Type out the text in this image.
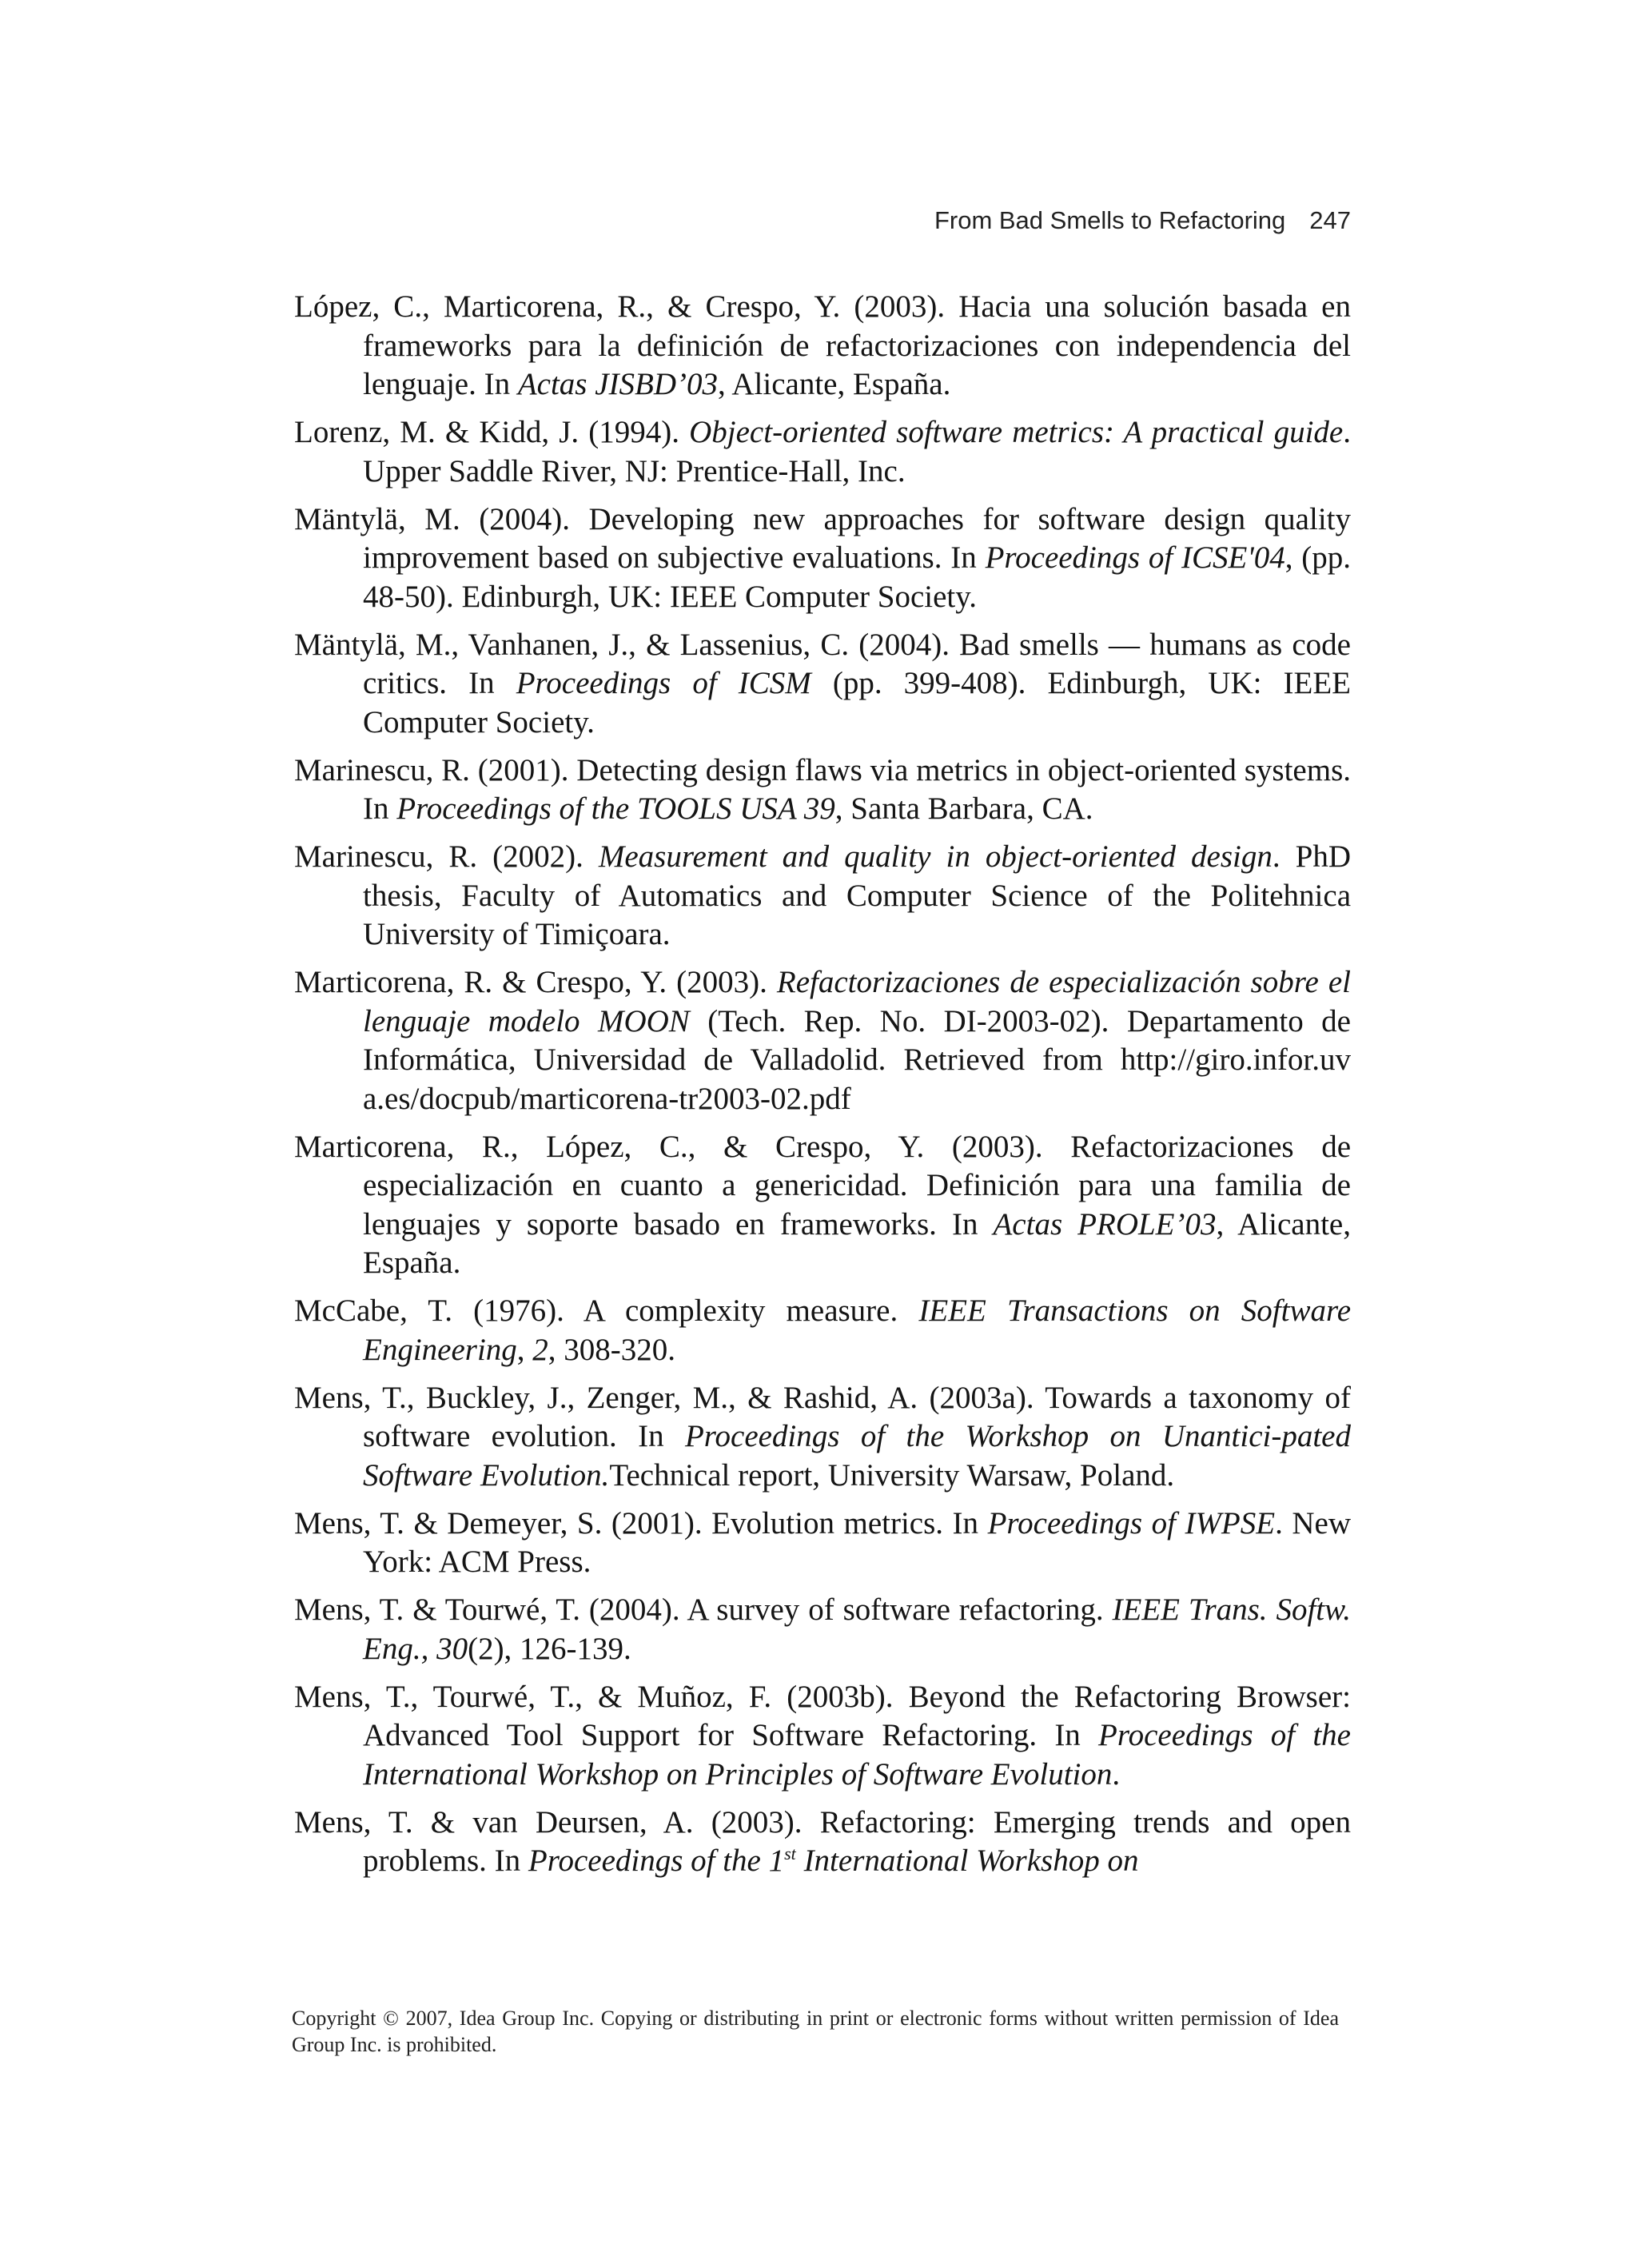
From Bad Smells to Refactoring 247

López, C., Marticorena, R., & Crespo, Y. (2003). Hacia una solución basada en frameworks para la definición de refactorizaciones con independencia del lenguaje. In Actas JISBD’03, Alicante, España.

Lorenz, M. & Kidd, J. (1994). Object-oriented software metrics: A practical guide. Upper Saddle River, NJ: Prentice-Hall, Inc.

Mäntylä, M. (2004). Developing new approaches for software design quality improvement based on subjective evaluations. In Proceedings of ICSE'04, (pp. 48-50). Edinburgh, UK: IEEE Computer Society.

Mäntylä, M., Vanhanen, J., & Lassenius, C. (2004). Bad smells — humans as code critics. In Proceedings of ICSM (pp. 399-408). Edinburgh, UK: IEEE Computer Society.

Marinescu, R. (2001). Detecting design flaws via metrics in object-oriented systems. In Proceedings of the TOOLS USA 39, Santa Barbara, CA.

Marinescu, R. (2002). Measurement and quality in object-oriented design. PhD thesis, Faculty of Automatics and Computer Science of the Politehnica University of Timiçoara.

Marticorena, R. & Crespo, Y. (2003). Refactorizaciones de especialización sobre el lenguaje modelo MOON (Tech. Rep. No. DI-2003-02). Departamento de Informática, Universidad de Valladolid. Retrieved from http://giro.infor.uv a.es/docpub/marticorena-tr2003-02.pdf

Marticorena, R., López, C., & Crespo, Y. (2003). Refactorizaciones de especialización en cuanto a genericidad. Definición para una familia de lenguajes y soporte basado en frameworks. In Actas PROLE’03, Alicante, España.

McCabe, T. (1976). A complexity measure. IEEE Transactions on Software Engineering, 2, 308-320.

Mens, T., Buckley, J., Zenger, M., & Rashid, A. (2003a). Towards a taxonomy of software evolution. In Proceedings of the Workshop on Unantici-pated Software Evolution.Technical report, University Warsaw, Poland.

Mens, T. & Demeyer, S. (2001). Evolution metrics. In Proceedings of IWPSE. New York: ACM Press.

Mens, T. & Tourwé, T. (2004). A survey of software refactoring. IEEE Trans. Softw. Eng., 30(2), 126-139.

Mens, T., Tourwé, T., & Muñoz, F. (2003b). Beyond the Refactoring Browser: Advanced Tool Support for Software Refactoring. In Proceedings of the International Workshop on Principles of Software Evolution.

Mens, T. & van Deursen, A. (2003). Refactoring: Emerging trends and open problems. In Proceedings of the 1st International Workshop on

Copyright © 2007, Idea Group Inc. Copying or distributing in print or electronic forms without written permission of Idea Group Inc. is prohibited.
